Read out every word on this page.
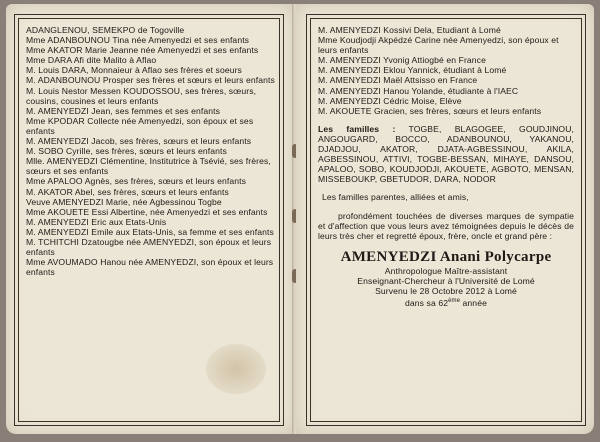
ADANGLENOU, SEMEKPO de Togoville

Mme ADANBOUNOU Tina née Amenyedzi et ses enfants

Mme AKATOR Marie Jeanne née Amenyedzi et ses enfants

Mme DARA Afi dite Malito à Aflao

M. Louis DARA, Monnaieur à Aflao ses frères et soeurs

M. ADANBOUNOU Prosper ses frères et sœurs et leurs enfants

M. Louis Nestor Messen KOUDOSSOU, ses frères, sœurs, cousins, cousines et leurs enfants

M. AMENYEDZI Jean, ses femmes et ses enfants

Mme KPODAR Collecte née Amenyedzi, son époux et ses enfants

M. AMENYEDZI Jacob, ses frères, sœurs et leurs enfants

M. SOBO Cyrille, ses frères, sœurs et leurs enfants

Mlle. AMENYEDZI Clémentine, Institutrice à Tsévié, ses frères, sœurs et ses enfants

Mme APALOO Agnès, ses frères, sœurs et leurs enfants

M. AKATOR Abel, ses frères, sœurs et leurs enfants

Veuve AMENYEDZI Marie, née Agbessinou Togbe

Mme AKOUETE Essi Albertine, née Amenyedzi et ses enfants

M. AMENYEDZI Eric aux Etats-Unis

M. AMENYEDZI Emile aux Etats-Unis, sa femme et ses enfants

M. TCHITCHI Dzatougbe née AMENYEDZI, son époux et leurs enfants

Mme AVOUMADO Hanou née AMENYEDZI, son époux et leurs enfants

M. AMENYEDZI Kossivi Dela, Etudiant à Lomé

Mme Koudjodji Akpédzé Carine née Amenyedzi, son époux et leurs enfants

M. AMENYEDZI Yvonig Attiogbé en France

M. AMENYEDZI Eklou Yannick, étudiant à Lomé

M. AMENYEDZI Maël Attsisso en France

M. AMENYEDZI Hanou Yolande, étudiante à l'IAEC

M. AMENYEDZI Cédric Moise, Elève

M. AKOUETE Gracien, ses frères, sœurs et leurs enfants

Les familles : TOGBE, BLAGOGEE, GOUDJINOU, ANGOUGARD, BOCCO, ADANBOUNOU, YAKANOU, DJADJOU, AKATOR, DJATA-AGBESSINOU, AKILA, AGBESSINOU, ATTIVI, TOGBE-BESSAN, MIHAYE, DANSOU, APALOO, SOBO, KOUDJODJI, AKOUETE, AGBOTO, MENSAN, MISSEBOUKP, GBETUDOR, DARA, NODOR

Les familles parentes, alliées et amis,

profondément touchées de diverses marques de sympatie et d'affection que vous leurs avez témoignées depuis le décès de leurs très cher et regretté époux, frère, oncle et grand père :

AMENYEDZI Anani Polycarpe
Anthropologue Maître-assistant
Enseignant-Chercheur à l'Université de Lomé
Survenu le 28 Octobre 2012 à Lomé
dans sa 62ème année
